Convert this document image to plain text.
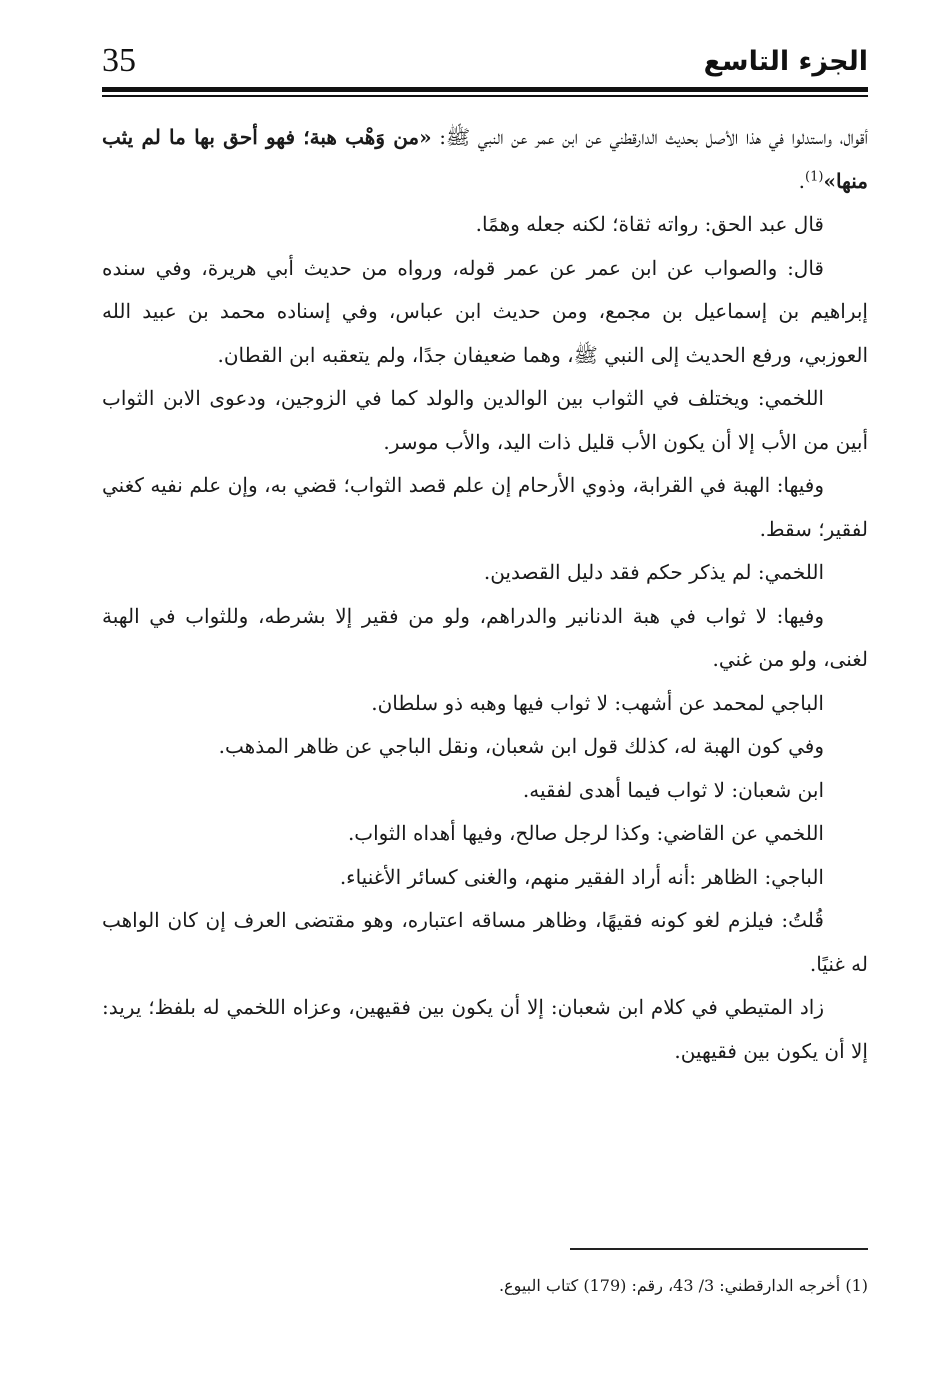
35	الجزء التاسع

أقوال، واستدلوا في هذا الأصل بحديث الدارقطني عن ابن عمر عن النبي ﷺ: «من وَهْب هبة؛ فهو أحق بها ما لم يثب منها»$^{(1)}$.

قال عبد الحق: رواته ثقاة؛ لكنه جعله وهمًا.

قال: والصواب عن ابن عمر عن عمر قوله، ورواه من حديث أبي هريرة، وفي سنده إبراهيم بن إسماعيل بن مجمع، ومن حديث ابن عباس، وفي إسناده محمد بن عبيد الله العوزبي، ورفع الحديث إلى النبي ﷺ، وهما ضعيفان جدًا، ولم يتعقبه ابن القطان.

اللخمي: ويختلف في الثواب بين الوالدين والولد كما في الزوجين، ودعوى الابن الثواب أبين من الأب إلا أن يكون الأب قليل ذات اليد، والأب موسر.

وفيها: الهبة في القرابة، وذوي الأرحام إن علم قصد الثواب؛ قضي به، وإن علم نفيه كغني لفقير؛ سقط.

اللخمي: لم يذكر حكم فقد دليل القصدين.

وفيها: لا ثواب في هبة الدنانير والدراهم، ولو من فقير إلا بشرطه، وللثواب في الهبة لغنى، ولو من غني.

الباجي لمحمد عن أشهب: لا ثواب فيها وهبه ذو سلطان.

وفي كون الهبة له، كذلك قول ابن شعبان، ونقل الباجي عن ظاهر المذهب.

ابن شعبان: لا ثواب فيما أهدى لفقيه.

اللخمي عن القاضي: وكذا لرجل صالح، وفيها أهداه الثواب.

الباجي: الظاهر :أنه أراد الفقير منهم، والغنى كسائر الأغنياء.

قُلتُ: فيلزم لغو كونه فقيهًا، وظاهر مساقه اعتباره، وهو مقتضى العرف إن كان الواهب له غنيًا.

زاد المتيطي في كلام ابن شعبان: إلا أن يكون بين فقيهين، وعزاه اللخمي له بلفظ؛ يريد: إلا أن يكون بين فقيهين.

(1) أخرجه الدارقطني: 3/ 43، رقم: (179) كتاب البيوع.
